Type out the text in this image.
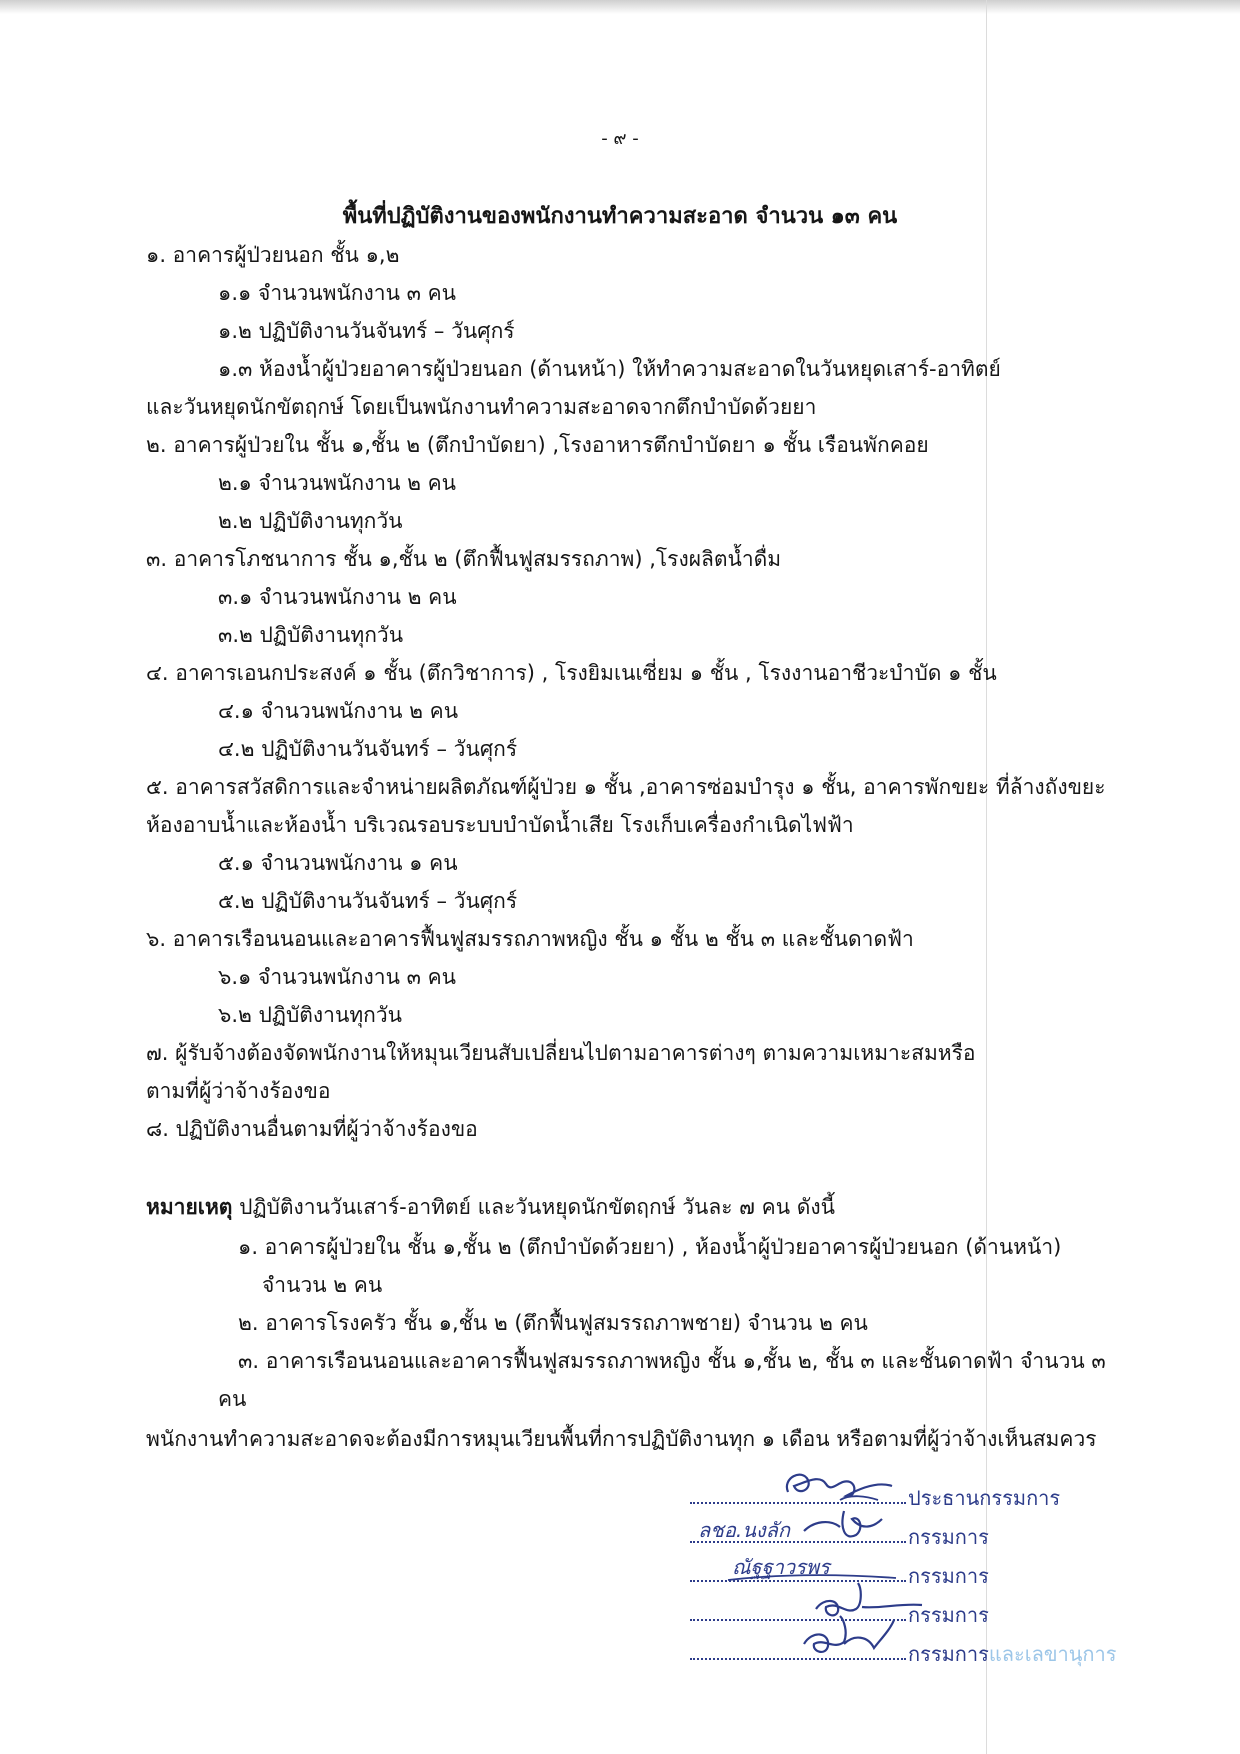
- ๙ -
พื้นที่ปฏิบัติงานของพนักงานทำความสะอาด จำนวน ๑๓ คน
๑. อาคารผู้ป่วยนอก ชั้น ๑,๒
๑.๑ จำนวนพนักงาน ๓ คน
๑.๒ ปฏิบัติงานวันจันทร์ – วันศุกร์
๑.๓ ห้องน้ำผู้ป่วยอาคารผู้ป่วยนอก (ด้านหน้า) ให้ทำความสะอาดในวันหยุดเสาร์-อาทิตย์
และวันหยุดนักขัตฤกษ์ โดยเป็นพนักงานทำความสะอาดจากตึกบำบัดด้วยยา
๒. อาคารผู้ป่วยใน ชั้น ๑,ชั้น ๒ (ตึกบำบัดยา) ,โรงอาหารตึกบำบัดยา ๑ ชั้น เรือนพักคอย
๒.๑ จำนวนพนักงาน ๒ คน
๒.๒ ปฏิบัติงานทุกวัน
๓. อาคารโภชนาการ ชั้น ๑,ชั้น ๒ (ตึกฟื้นฟูสมรรถภาพ) ,โรงผลิตน้ำดื่ม
๓.๑ จำนวนพนักงาน ๒ คน
๓.๒ ปฏิบัติงานทุกวัน
๔. อาคารเอนกประสงค์ ๑ ชั้น (ตึกวิชาการ) , โรงยิมเนเซี่ยม ๑ ชั้น , โรงงานอาชีวะบำบัด ๑ ชั้น
๔.๑ จำนวนพนักงาน ๒ คน
๔.๒ ปฏิบัติงานวันจันทร์ – วันศุกร์
๕. อาคารสวัสดิการและจำหน่ายผลิตภัณฑ์ผู้ป่วย ๑ ชั้น ,อาคารซ่อมบำรุง ๑ ชั้น, อาคารพักขยะ ที่ล้างถังขยะ
ห้องอาบน้ำและห้องน้ำ บริเวณรอบระบบบำบัดน้ำเสีย โรงเก็บเครื่องกำเนิดไฟฟ้า
๕.๑ จำนวนพนักงาน ๑ คน
๕.๒ ปฏิบัติงานวันจันทร์ – วันศุกร์
๖. อาคารเรือนนอนและอาคารฟื้นฟูสมรรถภาพหญิง ชั้น ๑ ชั้น ๒ ชั้น ๓ และชั้นดาดฟ้า
๖.๑ จำนวนพนักงาน ๓ คน
๖.๒ ปฏิบัติงานทุกวัน
๗. ผู้รับจ้างต้องจัดพนักงานให้หมุนเวียนสับเปลี่ยนไปตามอาคารต่างๆ ตามความเหมาะสมหรือ
ตามที่ผู้ว่าจ้างร้องขอ
๘. ปฏิบัติงานอื่นตามที่ผู้ว่าจ้างร้องขอ
หมายเหตุ ปฏิบัติงานวันเสาร์-อาทิตย์ และวันหยุดนักขัตฤกษ์ วันละ ๗ คน ดังนี้
๑. อาคารผู้ป่วยใน ชั้น ๑,ชั้น ๒ (ตึกบำบัดด้วยยา) , ห้องน้ำผู้ป่วยอาคารผู้ป่วยนอก (ด้านหน้า)
จำนวน ๒ คน
๒. อาคารโรงครัว ชั้น ๑,ชั้น ๒ (ตึกฟื้นฟูสมรรถภาพชาย) จำนวน ๒ คน
๓. อาคารเรือนนอนและอาคารฟื้นฟูสมรรถภาพหญิง ชั้น ๑,ชั้น ๒, ชั้น ๓ และชั้นดาดฟ้า จำนวน ๓
คน
พนักงานทำความสะอาดจะต้องมีการหมุนเวียนพื้นที่การปฏิบัติงานทุก ๑ เดือน หรือตามที่ผู้ว่าจ้างเห็นสมควร
ประธานกรรมการ
ลชอ.นงลัก	กรรมการ
ณัฐฐาวรพร	กรรมการ
กรรมการ
กรรมการและเลขานุการ
